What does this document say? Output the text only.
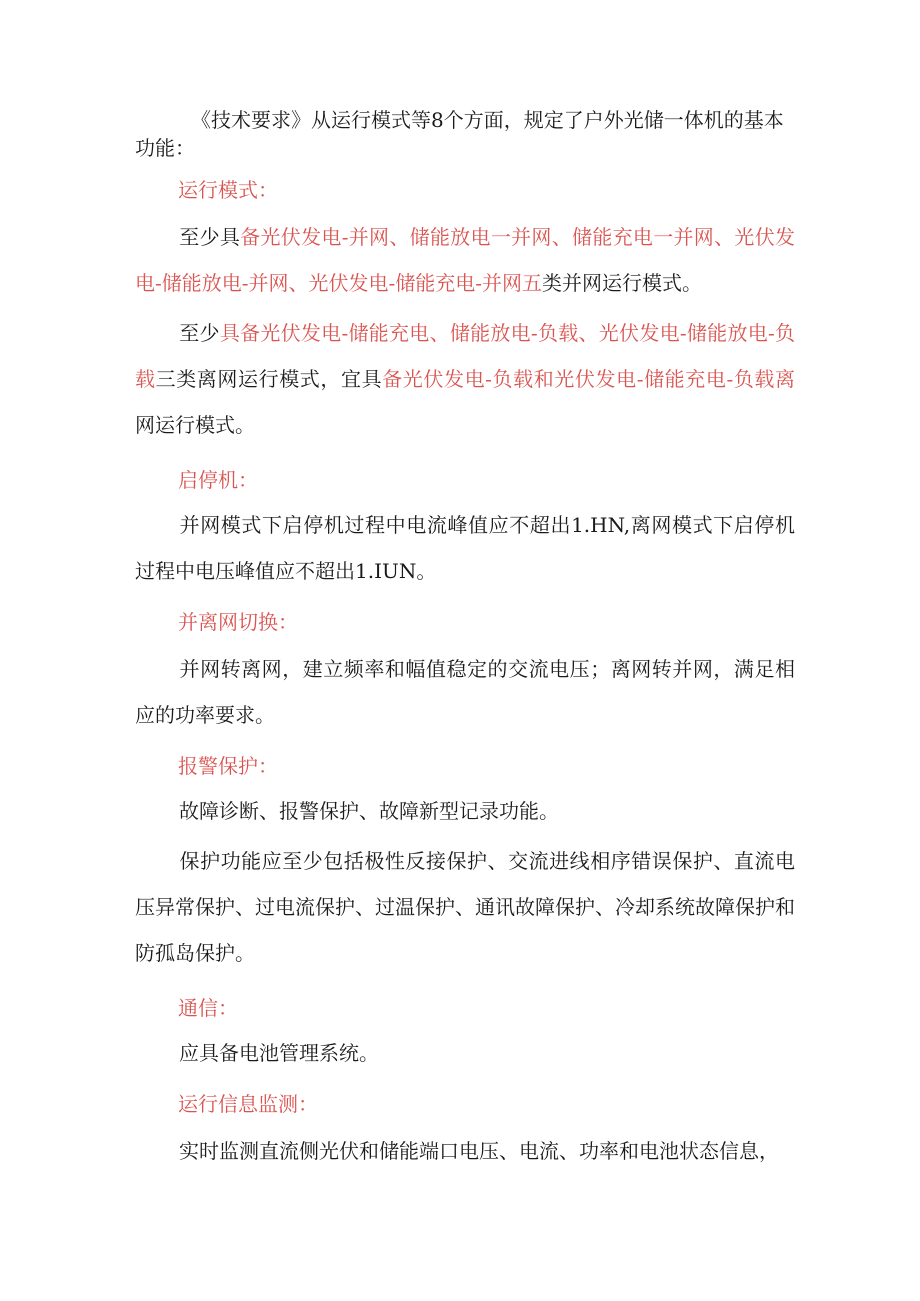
《技术要求》从运行模式等8个方面，规定了户外光储一体机的基本功能：

运行模式：

至少具备光伏发电-并网、储能放电一并网、储能充电一并网、光伏发电-储能放电-并网、光伏发电-储能充电-并网五类并网运行模式。

至少具备光伏发电-储能充电、储能放电-负载、光伏发电-储能放电-负载三类离网运行模式，宜具备光伏发电-负载和光伏发电-储能充电-负载离网运行模式。

启停机：

并网模式下启停机过程中电流峰值应不超出1.HN,离网模式下启停机过程中电压峰值应不超出1.IUN。

并离网切换：

并网转离网，建立频率和幅值稳定的交流电压；离网转并网，满足相应的功率要求。

报警保护：

故障诊断、报警保护、故障新型记录功能。

保护功能应至少包括极性反接保护、交流进线相序错误保护、直流电压异常保护、过电流保护、过温保护、通讯故障保护、冷却系统故障保护和防孤岛保护。

通信：

应具备电池管理系统。

运行信息监测：

实时监测直流侧光伏和储能端口电压、电流、功率和电池状态信息，
